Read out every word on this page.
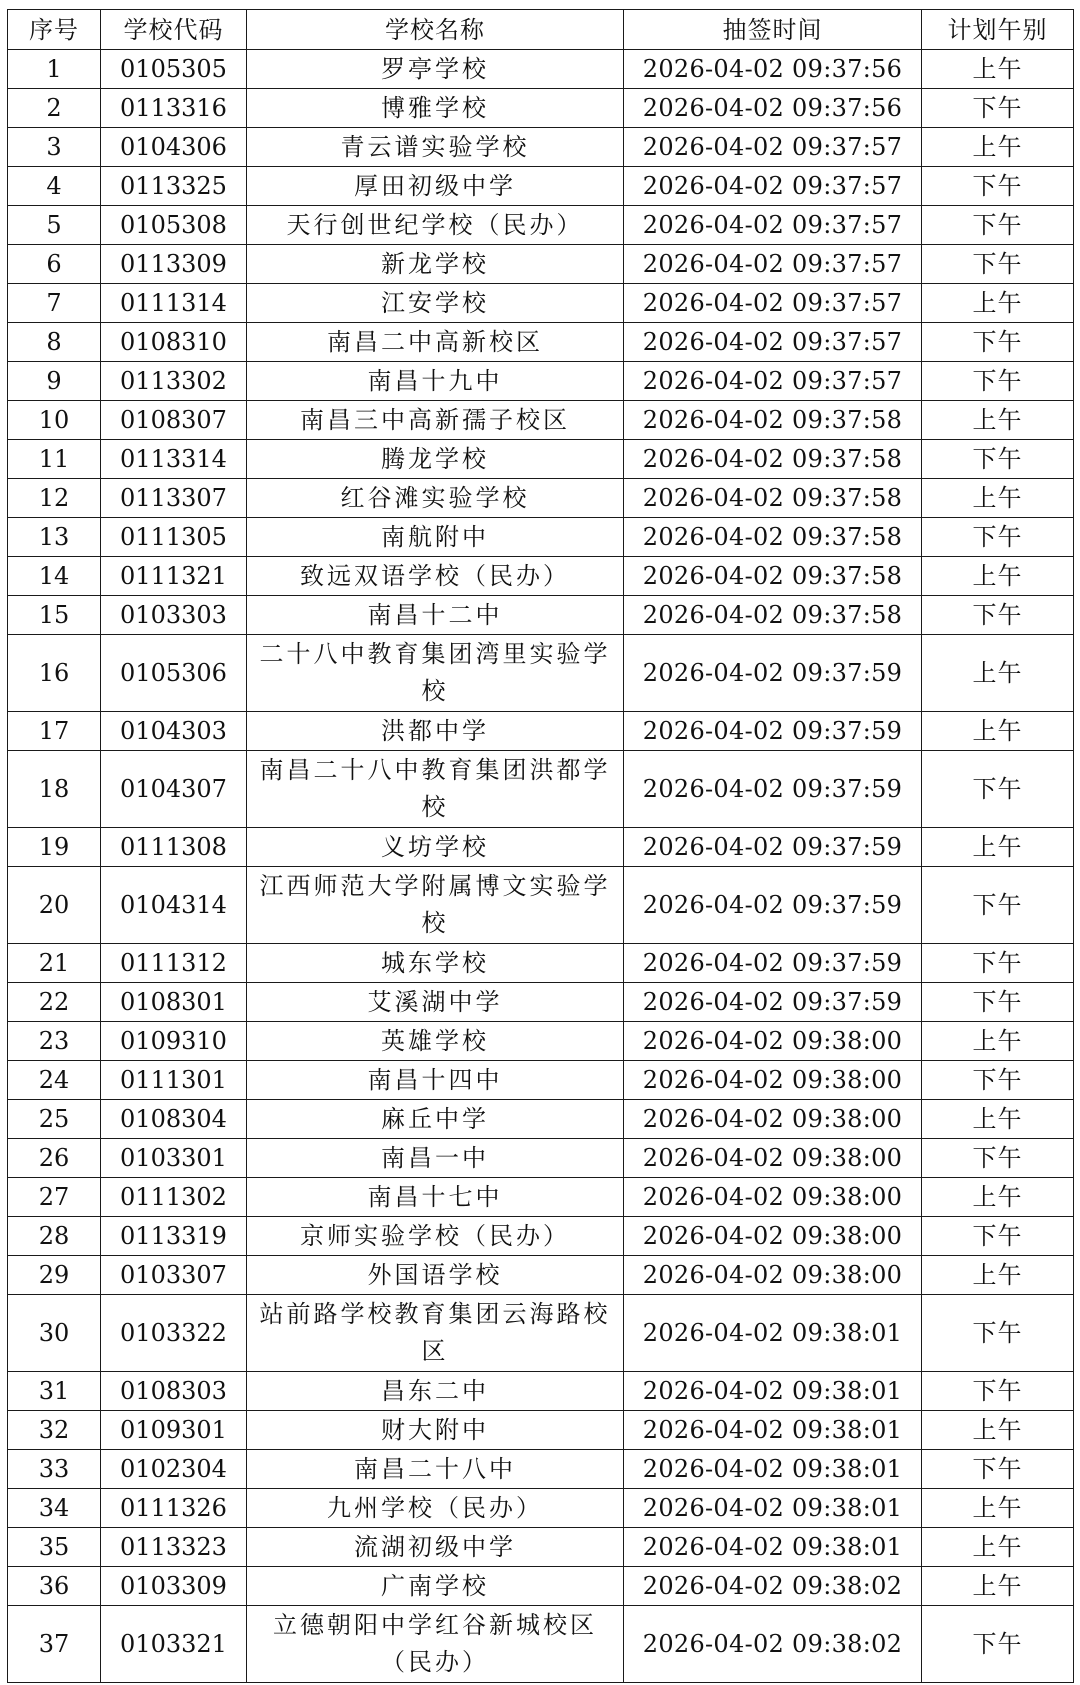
序号	学校代码	学校名称	抽签时间	计划午别
1	0105305	罗亭学校	2026-04-02 09:37:56	上午
2	0113316	博雅学校	2026-04-02 09:37:56	下午
3	0104306	青云谱实验学校	2026-04-02 09:37:57	上午
4	0113325	厚田初级中学	2026-04-02 09:37:57	下午
5	0105308	天行创世纪学校（民办）	2026-04-02 09:37:57	下午
6	0113309	新龙学校	2026-04-02 09:37:57	下午
7	0111314	江安学校	2026-04-02 09:37:57	上午
8	0108310	南昌二中高新校区	2026-04-02 09:37:57	下午
9	0113302	南昌十九中	2026-04-02 09:37:57	下午
10	0108307	南昌三中高新孺子校区	2026-04-02 09:37:58	上午
11	0113314	腾龙学校	2026-04-02 09:37:58	下午
12	0113307	红谷滩实验学校	2026-04-02 09:37:58	上午
13	0111305	南航附中	2026-04-02 09:37:58	下午
14	0111321	致远双语学校（民办）	2026-04-02 09:37:58	上午
15	0103303	南昌十二中	2026-04-02 09:37:58	下午
16	0105306	二十八中教育集团湾里实验学校	2026-04-02 09:37:59	上午
17	0104303	洪都中学	2026-04-02 09:37:59	上午
18	0104307	南昌二十八中教育集团洪都学校	2026-04-02 09:37:59	下午
19	0111308	义坊学校	2026-04-02 09:37:59	上午
20	0104314	江西师范大学附属博文实验学校	2026-04-02 09:37:59	下午
21	0111312	城东学校	2026-04-02 09:37:59	下午
22	0108301	艾溪湖中学	2026-04-02 09:37:59	下午
23	0109310	英雄学校	2026-04-02 09:38:00	上午
24	0111301	南昌十四中	2026-04-02 09:38:00	下午
25	0108304	麻丘中学	2026-04-02 09:38:00	上午
26	0103301	南昌一中	2026-04-02 09:38:00	下午
27	0111302	南昌十七中	2026-04-02 09:38:00	上午
28	0113319	京师实验学校（民办）	2026-04-02 09:38:00	下午
29	0103307	外国语学校	2026-04-02 09:38:00	上午
30	0103322	站前路学校教育集团云海路校区	2026-04-02 09:38:01	下午
31	0108303	昌东二中	2026-04-02 09:38:01	下午
32	0109301	财大附中	2026-04-02 09:38:01	上午
33	0102304	南昌二十八中	2026-04-02 09:38:01	下午
34	0111326	九州学校（民办）	2026-04-02 09:38:01	上午
35	0113323	流湖初级中学	2026-04-02 09:38:01	上午
36	0103309	广南学校	2026-04-02 09:38:02	上午
37	0103321	立德朝阳中学红谷新城校区（民办）	2026-04-02 09:38:02	下午
